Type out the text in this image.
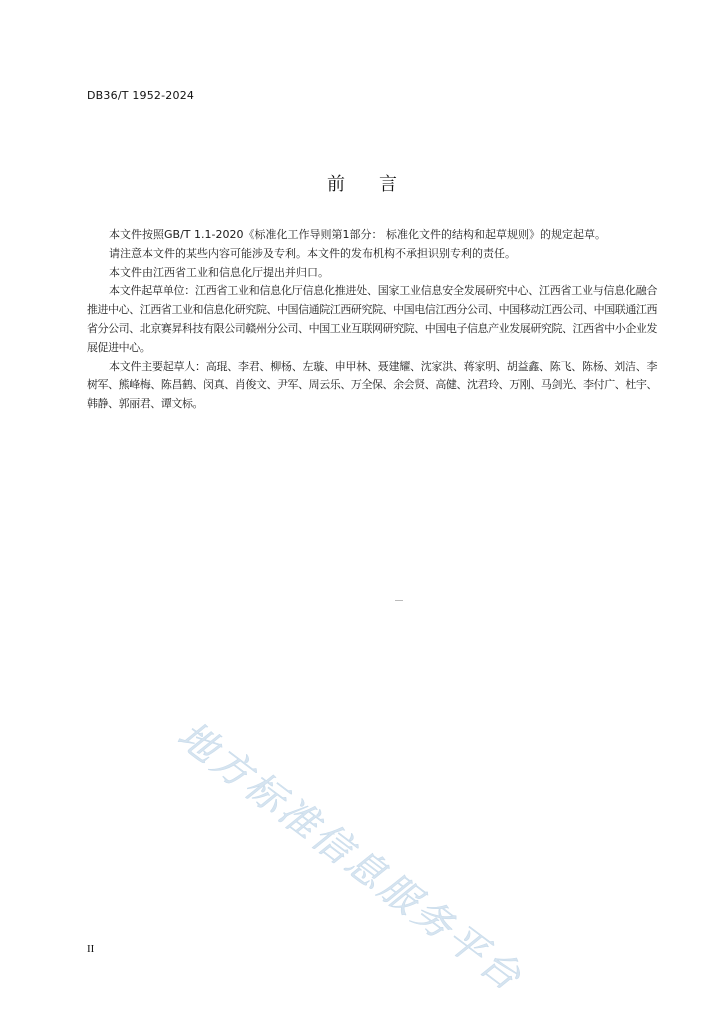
DB36/T 1952-2024
前言

本文件按照GB/T 1.1-2020《标准化工作导则第1部分： 标准化文件的结构和起草规则》的规定起草。

请注意本文件的某些内容可能涉及专利。本文件的发布机构不承担识别专利的责任。

本文件由江西省工业和信息化厅提出并归口。

本文件起草单位：江西省工业和信息化厅信息化推进处、国家工业信息安全发展研究中心、江西省工业与信息化融合推进中心、江西省工业和信息化研究院、中国信通院江西研究院、中国电信江西分公司、中国移动江西公司、中国联通江西省分公司、北京赛昇科技有限公司赣州分公司、中国工业互联网研究院、中国电子信息产业发展研究院、江西省中小企业发展促进中心。

本文件主要起草人：高琨、李君、柳杨、左璇、申甲林、聂建耀、沈家洪、蒋家明、胡益鑫、陈飞、陈杨、刘洁、李树军、熊峰梅、陈昌鹤、闵真、肖俊文、尹军、周云乐、万全保、余会贤、高健、沈君玲、万刚、马剑光、李付广、杜宇、韩静、郭丽君、谭文标。

地方标准信息服务平台
II
